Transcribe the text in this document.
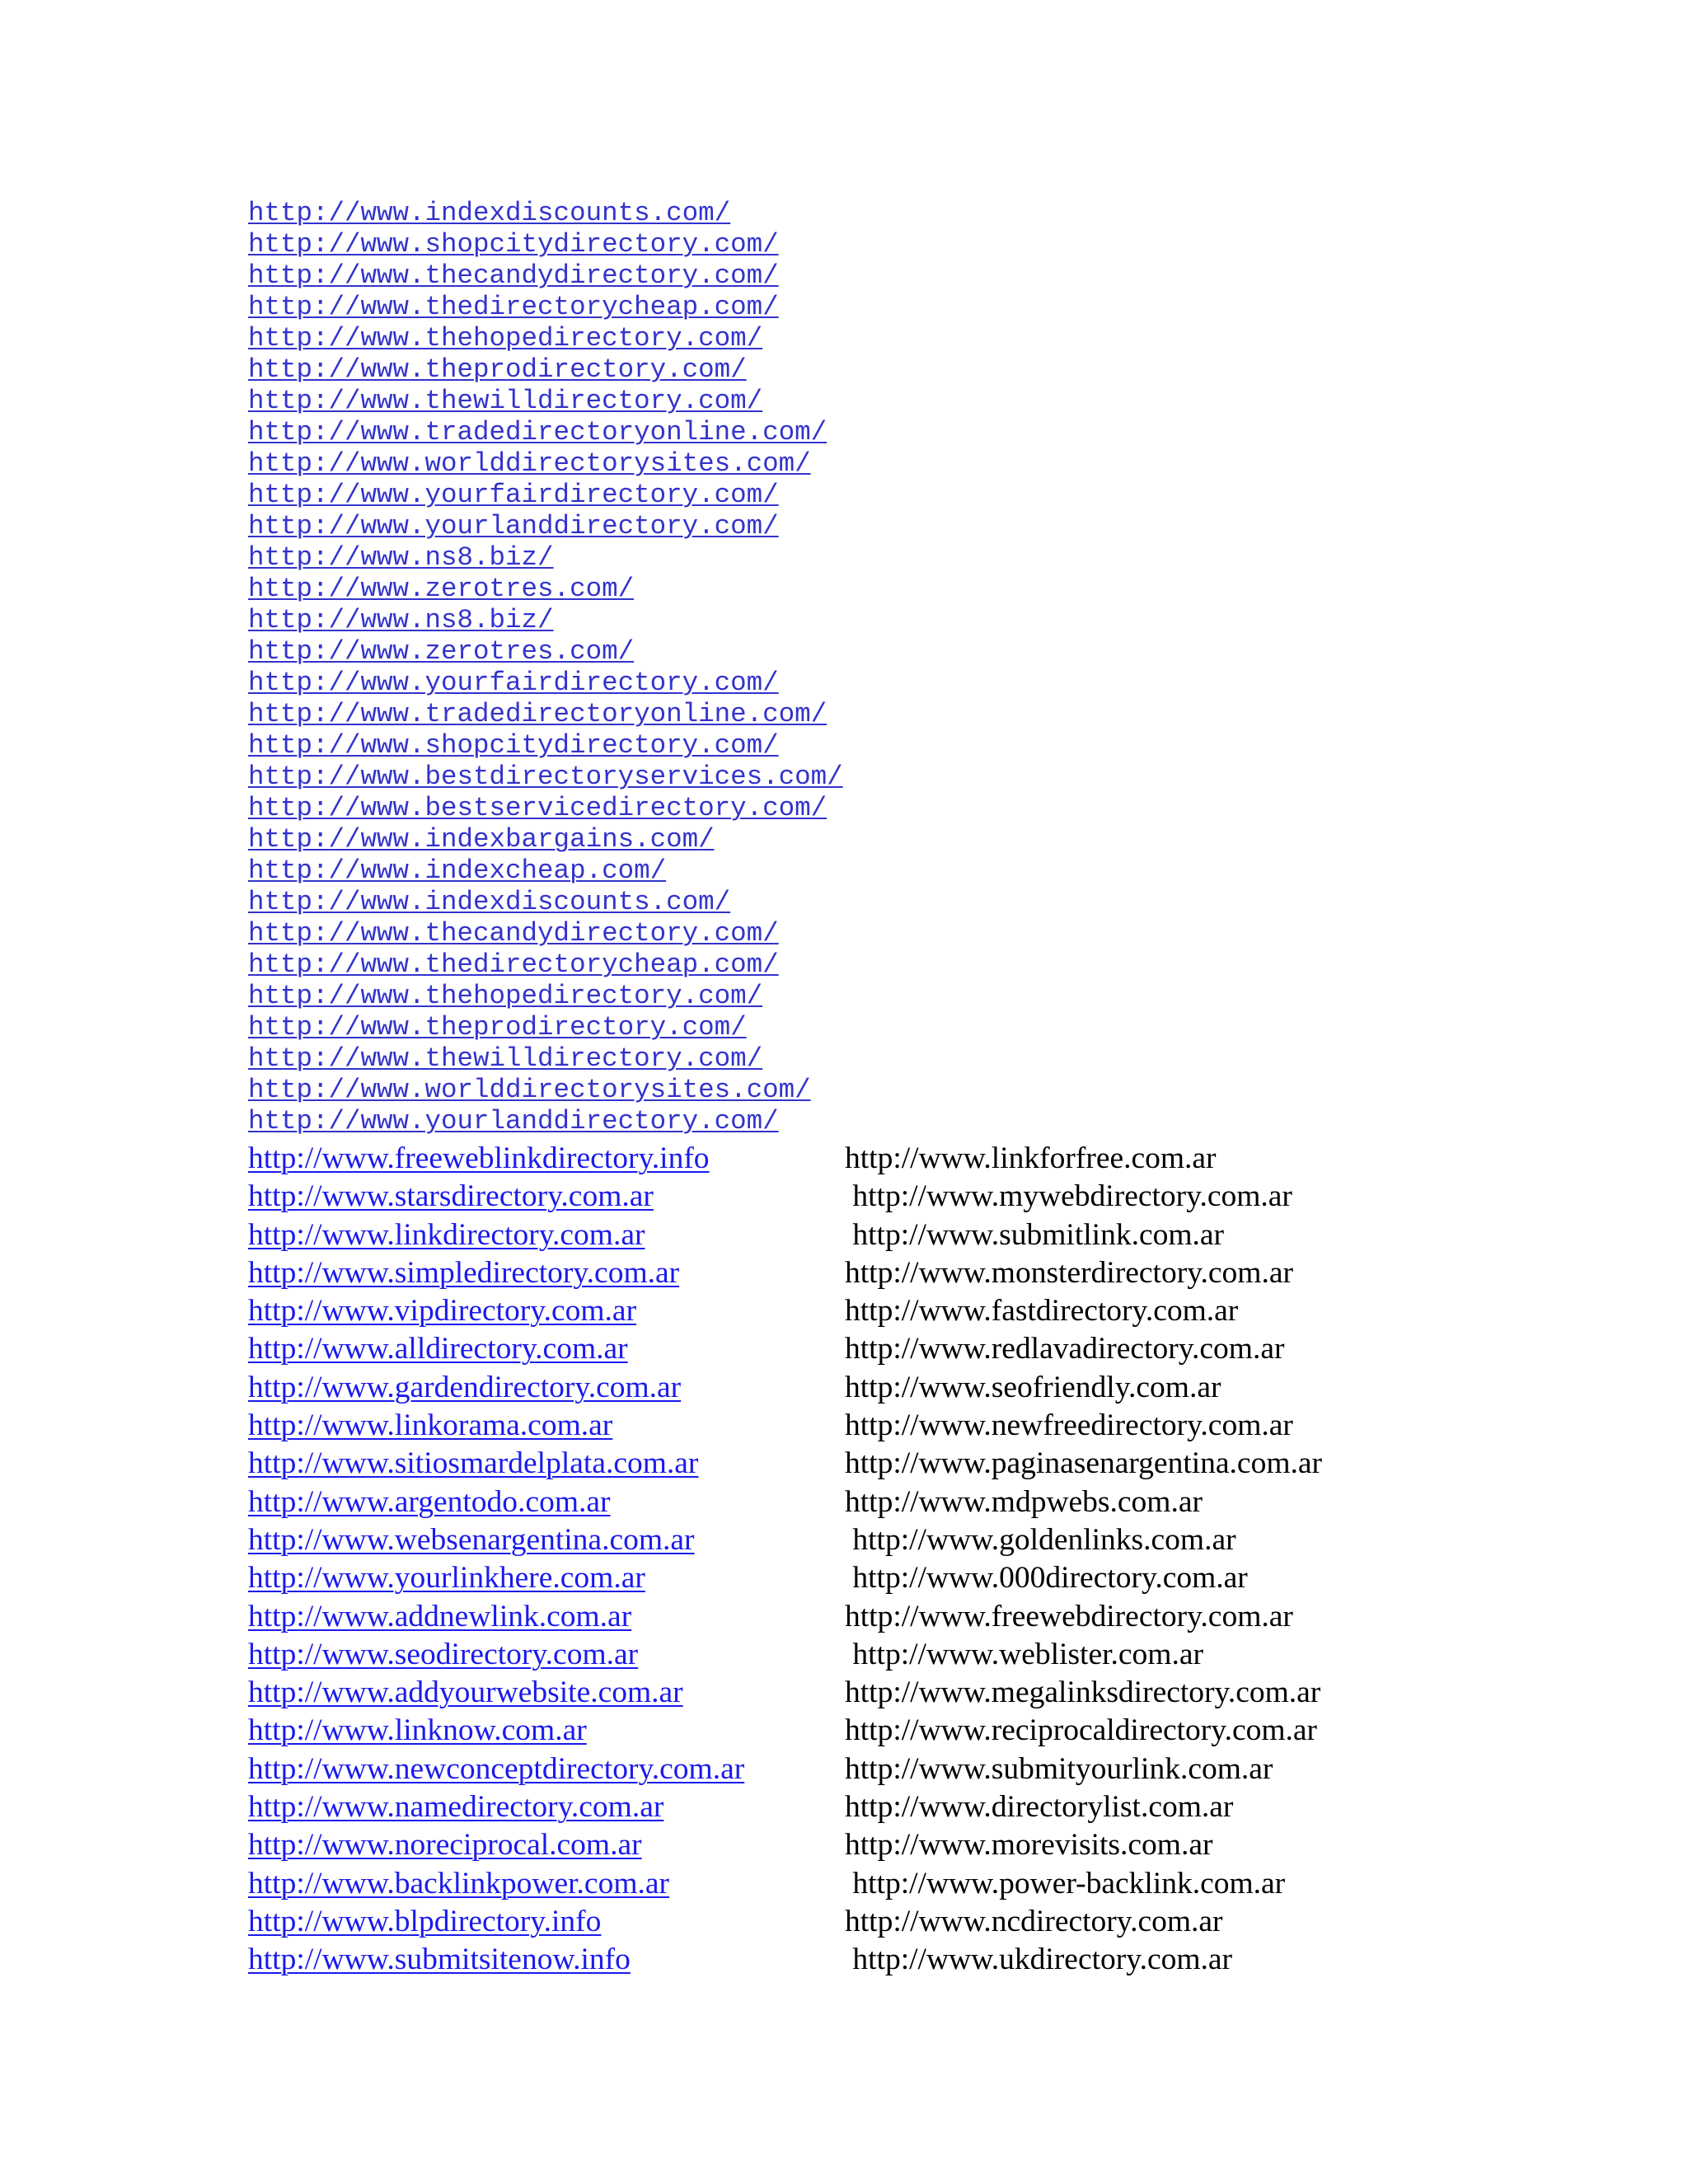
http://www.indexdiscounts.com/
http://www.shopcitydirectory.com/
http://www.thecandydirectory.com/
http://www.thedirectorycheap.com/
http://www.thehopedirectory.com/
http://www.theprodirectory.com/
http://www.thewilldirectory.com/
http://www.tradedirectoryonline.com/
http://www.worlddirectorysites.com/
http://www.yourfairdirectory.com/
http://www.yourlanddirectory.com/
http://www.ns8.biz/
http://www.zerotres.com/
http://www.ns8.biz/
http://www.zerotres.com/
http://www.yourfairdirectory.com/
http://www.tradedirectoryonline.com/
http://www.shopcitydirectory.com/
http://www.bestdirectoryservices.com/
http://www.bestservicedirectory.com/
http://www.indexbargains.com/
http://www.indexcheap.com/
http://www.indexdiscounts.com/
http://www.thecandydirectory.com/
http://www.thedirectorycheap.com/
http://www.thehopedirectory.com/
http://www.theprodirectory.com/
http://www.thewilldirectory.com/
http://www.worlddirectorysites.com/
http://www.yourlanddirectory.com/
http://www.freeweblinkdirectory.info	http://www.linkforfree.com.ar
http://www.starsdirectory.com.ar	http://www.mywebdirectory.com.ar
http://www.linkdirectory.com.ar	http://www.submitlink.com.ar
http://www.simpledirectory.com.ar	http://www.monsterdirectory.com.ar
http://www.vipdirectory.com.ar	http://www.fastdirectory.com.ar
http://www.alldirectory.com.ar	http://www.redlavadirectory.com.ar
http://www.gardendirectory.com.ar	http://www.seofriendly.com.ar
http://www.linkorama.com.ar	http://www.newfreedirectory.com.ar
http://www.sitiosmardelplata.com.ar	http://www.paginasenargentina.com.ar
http://www.argentodo.com.ar	http://www.mdpwebs.com.ar
http://www.websenargentina.com.ar	http://www.goldenlinks.com.ar
http://www.yourlinkhere.com.ar	http://www.000directory.com.ar
http://www.addnewlink.com.ar	http://www.freewebdirectory.com.ar
http://www.seodirectory.com.ar	http://www.weblister.com.ar
http://www.addyourwebsite.com.ar	http://www.megalinksdirectory.com.ar
http://www.linknow.com.ar	http://www.reciprocaldirectory.com.ar
http://www.newconceptdirectory.com.ar	http://www.submityourlink.com.ar
http://www.namedirectory.com.ar	http://www.directorylist.com.ar
http://www.noreciprocal.com.ar	http://www.morevisits.com.ar
http://www.backlinkpower.com.ar	http://www.power-backlink.com.ar
http://www.blpdirectory.info	http://www.ncdirectory.com.ar
http://www.submitsitenow.info	http://www.ukdirectory.com.ar
